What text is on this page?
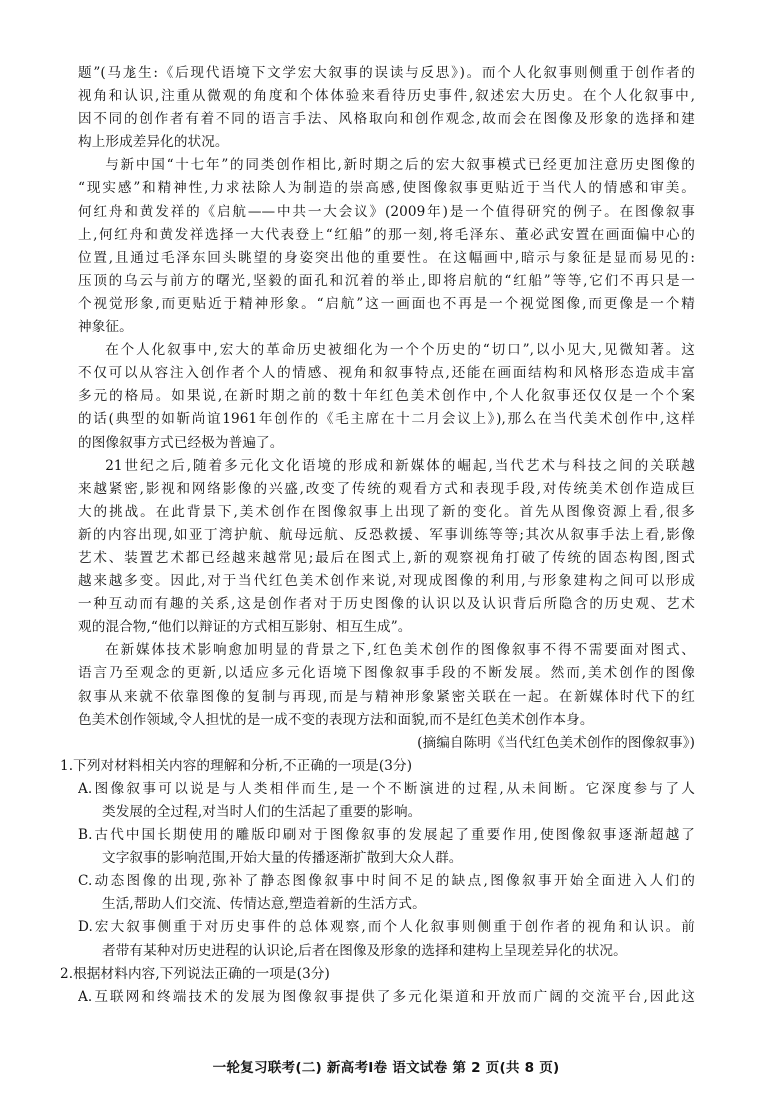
题”(马尨生:《后现代语境下文学宏大叙事的误读与反思》)。而个人化叙事则侧重于创作者的
视角和认识,注重从微观的角度和个体体验来看待历史事件,叙述宏大历史。在个人化叙事中,
因不同的创作者有着不同的语言手法、风格取向和创作观念,故而会在图像及形象的选择和建
构上形成差异化的状况。
与新中国“十七年”的同类创作相比,新时期之后的宏大叙事模式已经更加注意历史图像的
“现实感”和精神性,力求祛除人为制造的崇高感,使图像叙事更贴近于当代人的情感和审美。
何红舟和黄发祥的《启航——中共一大会议》(2009年)是一个值得研究的例子。在图像叙事
上,何红舟和黄发祥选择一大代表登上“红船”的那一刻,将毛泽东、董必武安置在画面偏中心的
位置,且通过毛泽东回头眺望的身姿突出他的重要性。在这幅画中,暗示与象征是显而易见的:
压顶的乌云与前方的曙光,坚毅的面孔和沉着的举止,即将启航的“红船”等等,它们不再只是一
个视觉形象,而更贴近于精神形象。“启航”这一画面也不再是一个视觉图像,而更像是一个精
神象征。
在个人化叙事中,宏大的革命历史被细化为一个个历史的“切口”,以小见大,见微知著。这
不仅可以从容注入创作者个人的情感、视角和叙事特点,还能在画面结构和风格形态造成丰富
多元的格局。如果说,在新时期之前的数十年红色美术创作中,个人化叙事还仅仅是一个个案
的话(典型的如靳尚谊1961年创作的《毛主席在十二月会议上》),那么在当代美术创作中,这样
的图像叙事方式已经极为普遍了。
21世纪之后,随着多元化文化语境的形成和新媒体的崛起,当代艺术与科技之间的关联越
来越紧密,影视和网络影像的兴盛,改变了传统的观看方式和表现手段,对传统美术创作造成巨
大的挑战。在此背景下,美术创作在图像叙事上出现了新的变化。首先从图像资源上看,很多
新的内容出现,如亚丁湾护航、航母远航、反恐救援、军事训练等等;其次从叙事手法上看,影像
艺术、装置艺术都已经越来越常见;最后在图式上,新的观察视角打破了传统的固态构图,图式
越来越多变。因此,对于当代红色美术创作来说,对现成图像的利用,与形象建构之间可以形成
一种互动而有趣的关系,这是创作者对于历史图像的认识以及认识背后所隐含的历史观、艺术
观的混合物,“他们以辩证的方式相互影射、相互生成”。
在新媒体技术影响愈加明显的背景之下,红色美术创作的图像叙事不得不需要面对图式、
语言乃至观念的更新,以适应多元化语境下图像叙事手段的不断发展。然而,美术创作的图像
叙事从来就不依靠图像的复制与再现,而是与精神形象紧密关联在一起。在新媒体时代下的红
色美术创作领域,令人担忧的是一成不变的表现方法和面貌,而不是红色美术创作本身。
(摘编自陈明《当代红色美术创作的图像叙事》)
1.下列对材料相关内容的理解和分析,不正确的一项是(3分)
A.图像叙事可以说是与人类相伴而生,是一个不断演进的过程,从未间断。它深度参与了人
类发展的全过程,对当时人们的生活起了重要的影响。
B.古代中国长期使用的雕版印刷对于图像叙事的发展起了重要作用,使图像叙事逐渐超越了
文字叙事的影响范围,开始大量的传播逐渐扩散到大众人群。
C.动态图像的出现,弥补了静态图像叙事中时间不足的缺点,图像叙事开始全面进入人们的
生活,帮助人们交流、传情达意,塑造着新的生活方式。
D.宏大叙事侧重于对历史事件的总体观察,而个人化叙事则侧重于创作者的视角和认识。前
者带有某种对历史进程的认识论,后者在图像及形象的选择和建构上呈现差异化的状况。
2.根据材料内容,下列说法正确的一项是(3分)
A.互联网和终端技术的发展为图像叙事提供了多元化渠道和开放而广阔的交流平台,因此这
一轮复习联考(二) 新高考Ⅰ卷 语文试卷 第 2 页(共 8 页)
